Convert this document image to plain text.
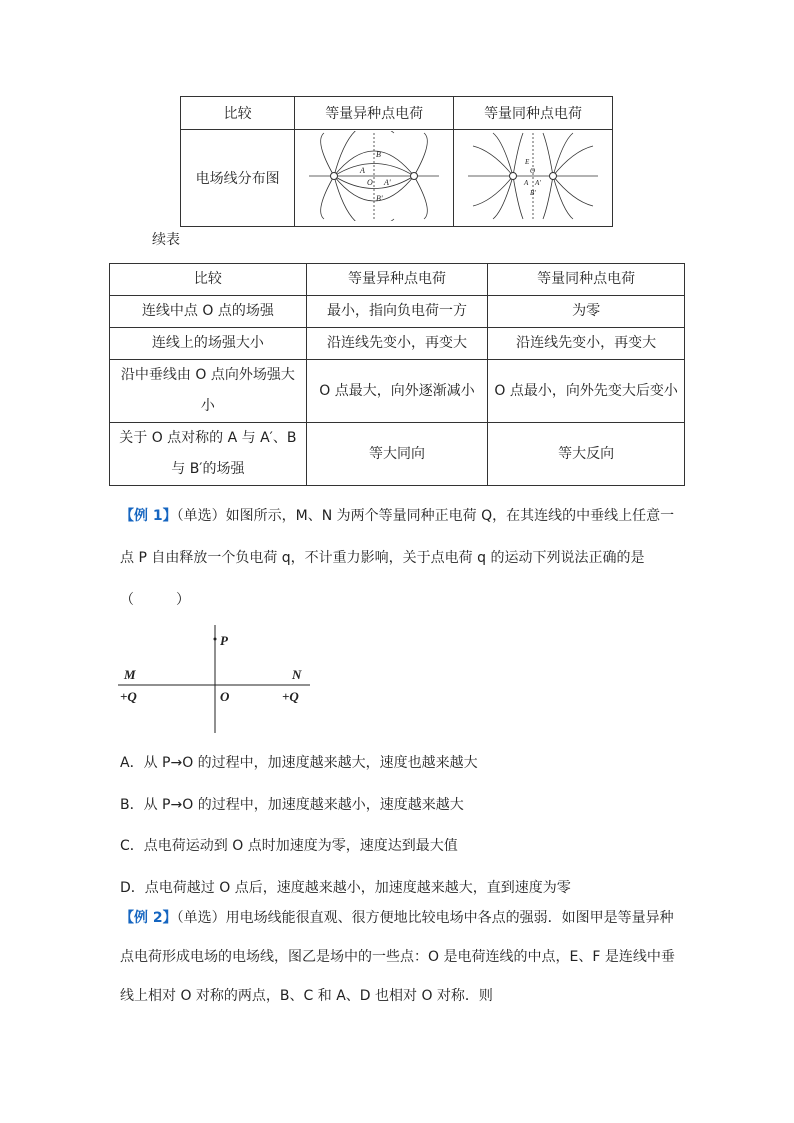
比较	等量异种点电荷	等量同种点电荷
电场线分布图	A
B
O A'
B'	E
O
A A'
B'
续表
比较	等量异种点电荷	等量同种点电荷
连线中点 O 点的场强	最小，指向负电荷一方	为零
连线上的场强大小	沿连线先变小，再变大	沿连线先变小，再变大
沿中垂线由 O 点向外场强大小	O 点最大，向外逐渐减小	O 点最小，向外先变大后变小
关于 O 点对称的 A 与 A′、B 与 B′的场强	等大同向	等大反向
【例 1】（单选）如图所示，M、N 为两个等量同种正电荷 Q，在其连线的中垂线上任意一点 P 自由释放一个负电荷 q，不计重力影响，关于点电荷 q 的运动下列说法正确的是　（　　　）
P
M	N
O
+Q	+Q
A．从 P→O 的过程中，加速度越来越大，速度也越来越大
B．从 P→O 的过程中，加速度越来越小，速度越来越大
C．点电荷运动到 O 点时加速度为零，速度达到最大值
D．点电荷越过 O 点后，速度越来越小，加速度越来越大，直到速度为零
【例 2】（单选）用电场线能很直观、很方便地比较电场中各点的强弱．如图甲是等量异种点电荷形成电场的电场线，图乙是场中的一些点：O 是电荷连线的中点，E、F 是连线中垂线上相对 O 对称的两点，B、C 和 A、D 也相对 O 对称．则
